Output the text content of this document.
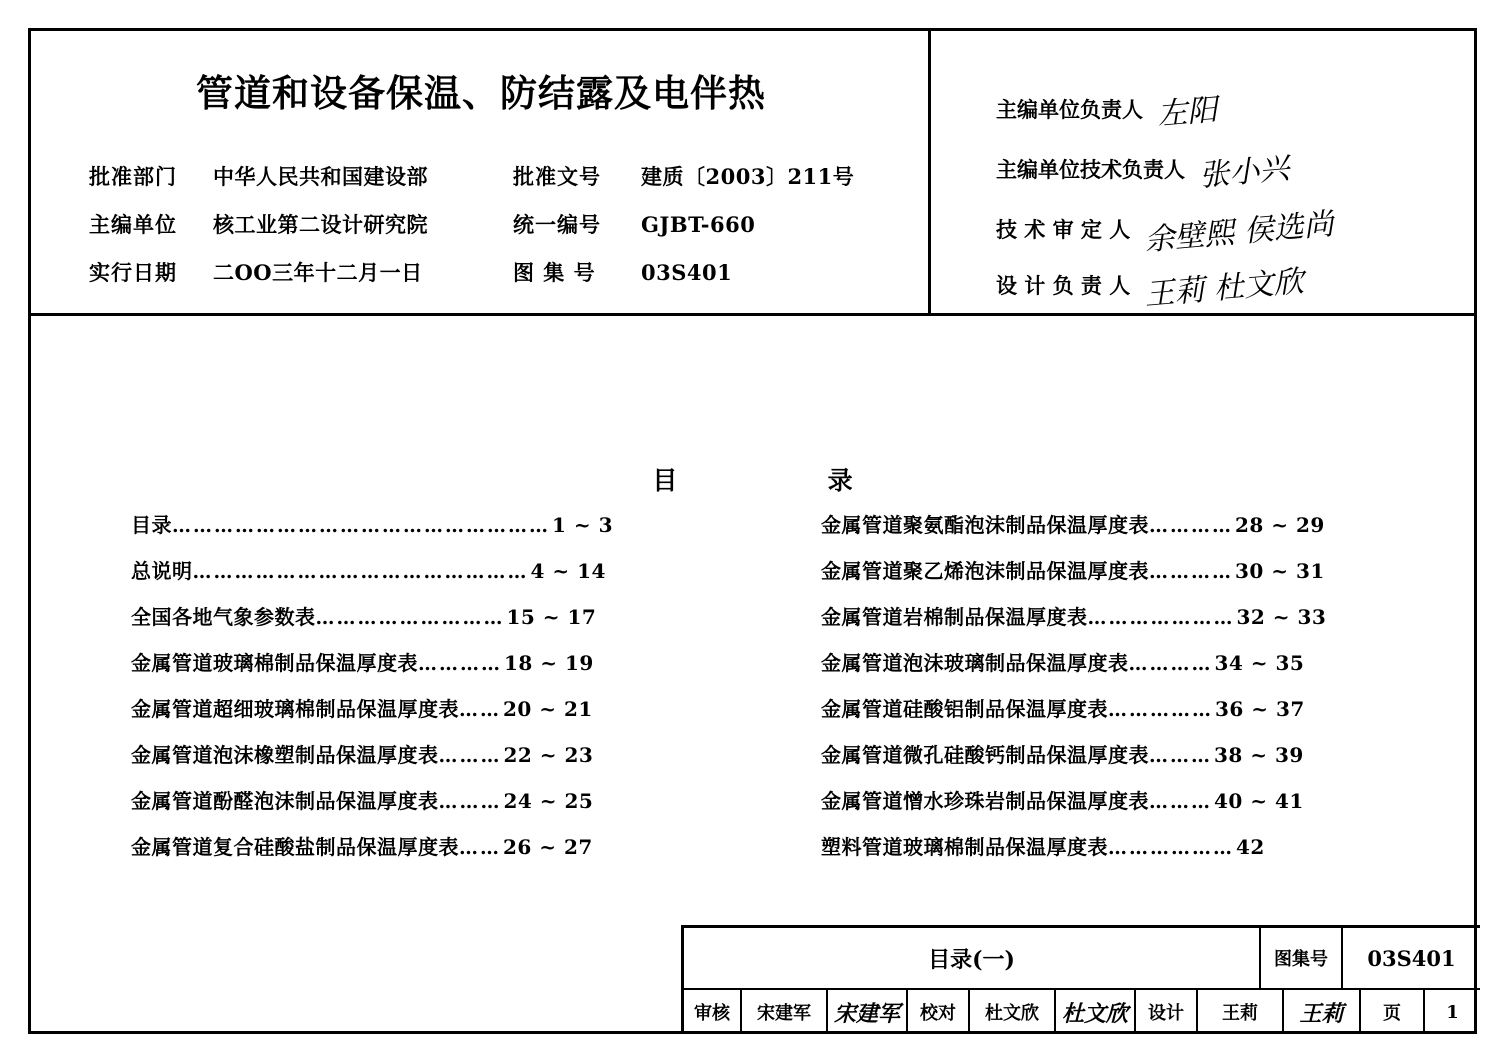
管道和设备保温、防结露及电伴热
批准部门	中华人民共和国建设部	批准文号	建质〔2003〕211号
主编单位	核工业第二设计研究院	统一编号	GJBT-660
实行日期	二OO三年十二月一日	图 集 号	03S401
主编单位负责人 左阳
主编单位技术负责人 张小兴
技 术 审 定 人 余壁熙 侯选尚
设 计 负 责 人 王莉 杜文欣
目	录
目录 ……………………………………………… 1 ~ 3
总说明 ………………………………………… 4 ~ 14
全国各地气象参数表 ……………………… 15 ~ 17
金属管道玻璃棉制品保温厚度表 ………… 18 ~ 19
金属管道超细玻璃棉制品保温厚度表 …… 20 ~ 21
金属管道泡沫橡塑制品保温厚度表 ……… 22 ~ 23
金属管道酚醛泡沫制品保温厚度表 ……… 24 ~ 25
金属管道复合硅酸盐制品保温厚度表 …… 26 ~ 27
金属管道聚氨酯泡沫制品保温厚度表 ………… 28 ~ 29
金属管道聚乙烯泡沫制品保温厚度表 ………… 30 ~ 31
金属管道岩棉制品保温厚度表 ………………… 32 ~ 33
金属管道泡沫玻璃制品保温厚度表 ………… 34 ~ 35
金属管道硅酸铝制品保温厚度表 …………… 36 ~ 37
金属管道微孔硅酸钙制品保温厚度表 ……… 38 ~ 39
金属管道憎水珍珠岩制品保温厚度表 ……… 40 ~ 41
塑料管道玻璃棉制品保温厚度表 ……………… 42
目录(一)	图集号	03S401
审核	宋建军	宋建军	校对	杜文欣	杜文欣	设计	王莉	王莉	页	1
